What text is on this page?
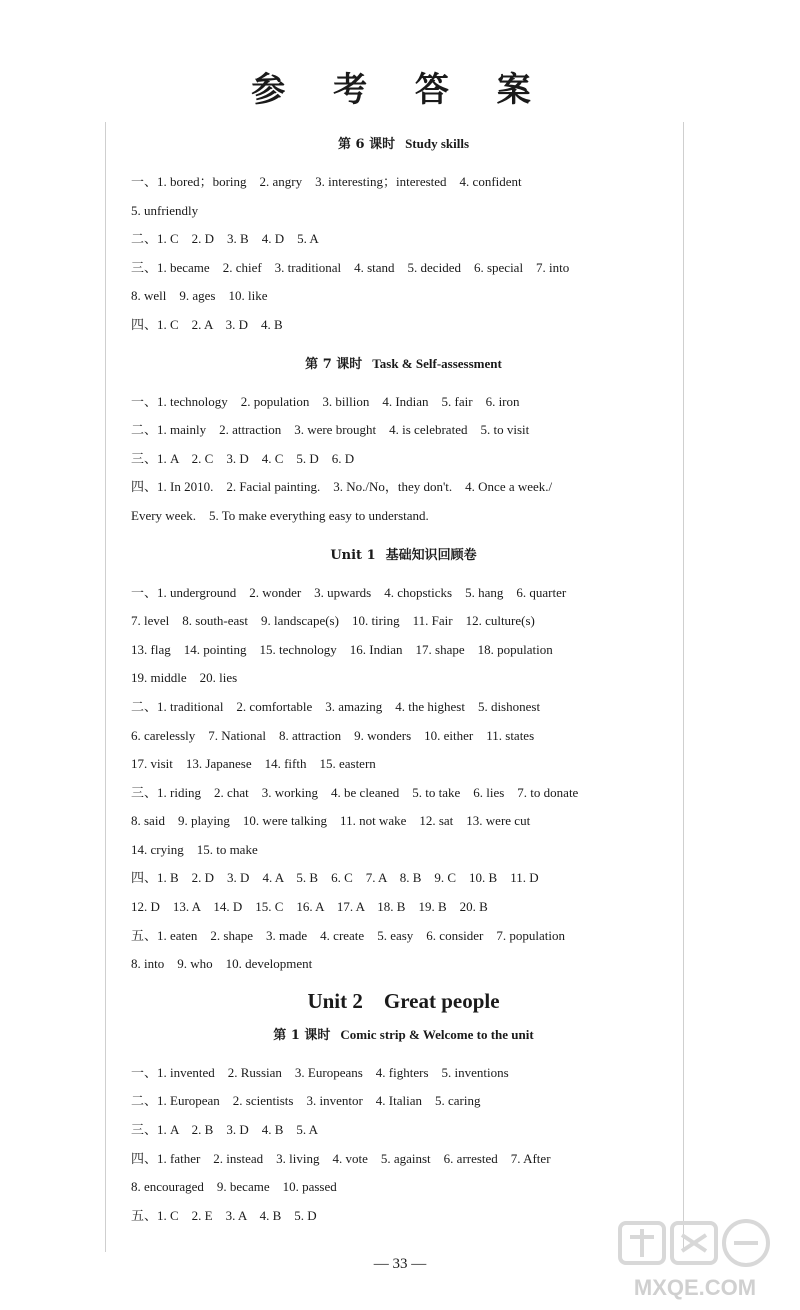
参 考 答 案
第 6 课时 Study skills
一、1. bored；boring　2. angry　3. interesting；interested　4. confident
5. unfriendly
二、1. C　2. D　3. B　4. D　5. A
三、1. became　2. chief　3. traditional　4. stand　5. decided　6. special　7. into
8. well　9. ages　10. like
四、1. C　2. A　3. D　4. B
第 7 课时 Task & Self-assessment
一、1. technology　2. population　3. billion　4. Indian　5. fair　6. iron
二、1. mainly　2. attraction　3. were brought　4. is celebrated　5. to visit
三、1. A　2. C　3. D　4. C　5. D　6. D
四、1. In 2010.　2. Facial painting.　3. No./No，they don't.　4. Once a week./
Every week.　5. To make everything easy to understand.
Unit 1 基础知识回顾卷
一、1. underground　2. wonder　3. upwards　4. chopsticks　5. hang　6. quarter
7. level　8. south-east　9. landscape(s)　10. tiring　11. Fair　12. culture(s)
13. flag　14. pointing　15. technology　16. Indian　17. shape　18. population
19. middle　20. lies
二、1. traditional　2. comfortable　3. amazing　4. the highest　5. dishonest
6. carelessly　7. National　8. attraction　9. wonders　10. either　11. states
17. visit　13. Japanese　14. fifth　15. eastern
三、1. riding　2. chat　3. working　4. be cleaned　5. to take　6. lies　7. to donate
8. said　9. playing　10. were talking　11. not wake　12. sat　13. were cut
14. crying　15. to make
四、1. B　2. D　3. D　4. A　5. B　6. C　7. A　8. B　9. C　10. B　11. D
12. D　13. A　14. D　15. C　16. A　17. A　18. B　19. B　20. B
五、1. eaten　2. shape　3. made　4. create　5. easy　6. consider　7. population
8. into　9. who　10. development
Unit 2　Great people
第 1 课时 Comic strip & Welcome to the unit
一、1. invented　2. Russian　3. Europeans　4. fighters　5. inventions
二、1. European　2. scientists　3. inventor　4. Italian　5. caring
三、1. A　2. B　3. D　4. B　5. A
四、1. father　2. instead　3. living　4. vote　5. against　6. arrested　7. After
8. encouraged　9. became　10. passed
五、1. C　2. E　3. A　4. B　5. D
— 33 —
MXQE.COM
